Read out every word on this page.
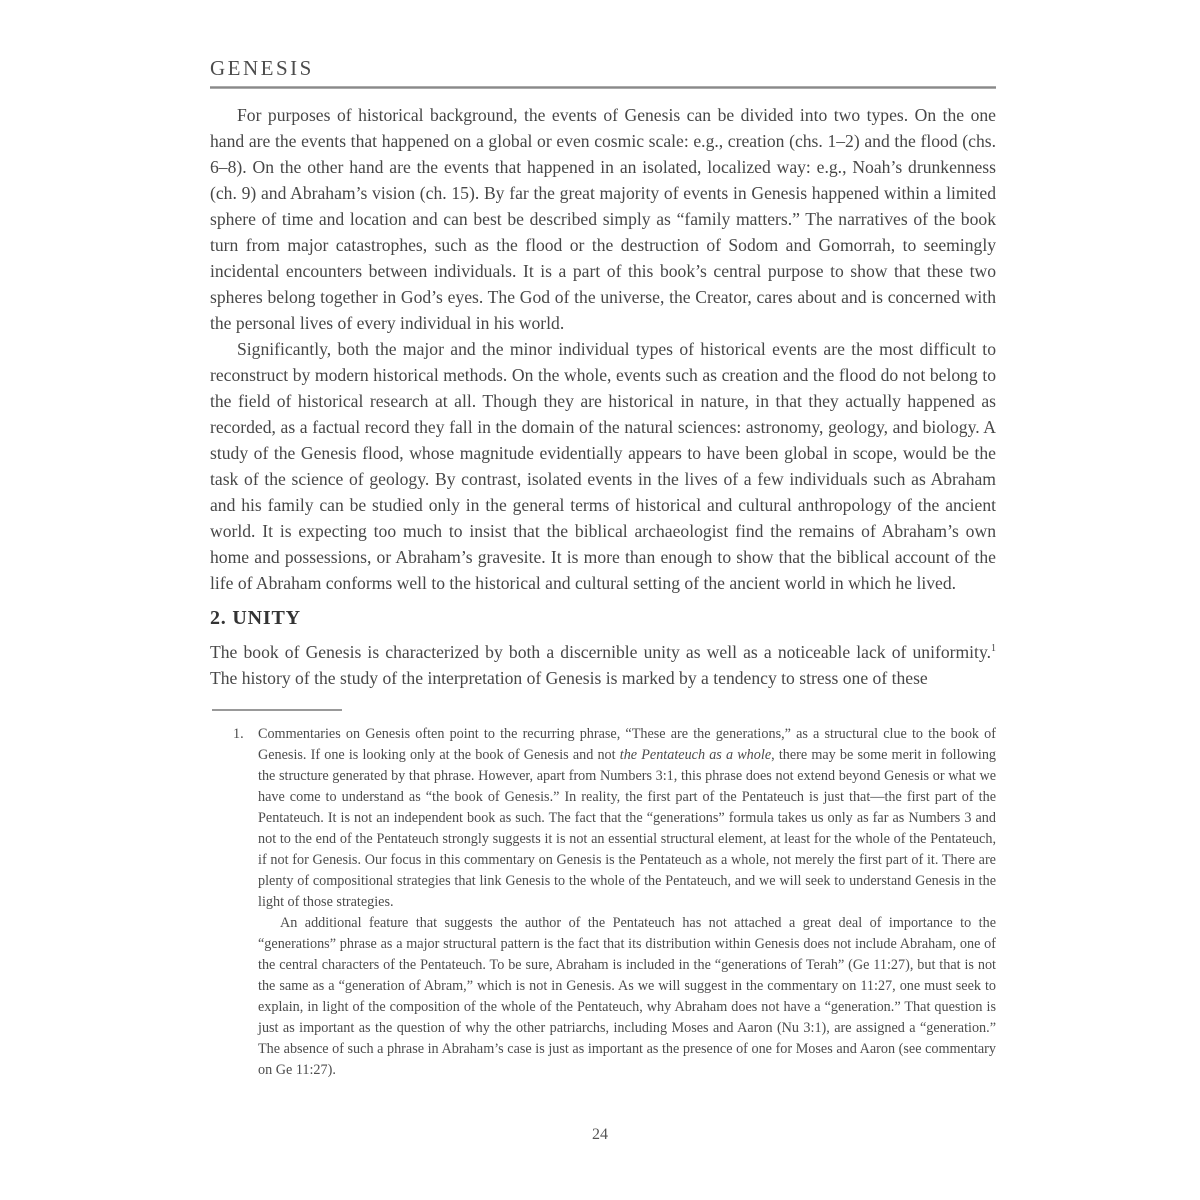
GENESIS

For purposes of historical background, the events of Genesis can be divided into two types. On the one hand are the events that happened on a global or even cosmic scale: e.g., creation (chs. 1–2) and the flood (chs. 6–8). On the other hand are the events that happened in an isolated, localized way: e.g., Noah’s drunkenness (ch. 9) and Abraham’s vision (ch. 15). By far the great majority of events in Genesis happened within a limited sphere of time and location and can best be described simply as “family matters.” The narratives of the book turn from major catastrophes, such as the flood or the destruction of Sodom and Gomorrah, to seemingly incidental encounters between individuals. It is a part of this book’s central purpose to show that these two spheres belong together in God’s eyes. The God of the universe, the Creator, cares about and is concerned with the personal lives of every individual in his world.

Significantly, both the major and the minor individual types of historical events are the most difficult to reconstruct by modern historical methods. On the whole, events such as creation and the flood do not belong to the field of historical research at all. Though they are historical in nature, in that they actually happened as recorded, as a factual record they fall in the domain of the natural sciences: astronomy, geology, and biology. A study of the Genesis flood, whose magnitude evidentially appears to have been global in scope, would be the task of the science of geology. By contrast, isolated events in the lives of a few individuals such as Abraham and his family can be studied only in the general terms of historical and cultural anthropology of the ancient world. It is expecting too much to insist that the biblical archaeologist find the remains of Abraham’s own home and possessions, or Abraham’s gravesite. It is more than enough to show that the biblical account of the life of Abraham conforms well to the historical and cultural setting of the ancient world in which he lived.

2. UNITY

The book of Genesis is characterized by both a discernible unity as well as a noticeable lack of uniformity.$^1$ The history of the study of the interpretation of Genesis is marked by a tendency to stress one of these

1.	Commentaries on Genesis often point to the recurring phrase, “These are the generations,” as a structural clue to the book of Genesis. If one is looking only at the book of Genesis and not the Pentateuch as a whole, there may be some merit in following the structure generated by that phrase. However, apart from Numbers 3:1, this phrase does not extend beyond Genesis or what we have come to understand as “the book of Genesis.” In reality, the first part of the Pentateuch is just that—the first part of the Pentateuch. It is not an independent book as such. The fact that the “generations” formula takes us only as far as Numbers 3 and not to the end of the Pentateuch strongly suggests it is not an essential structural element, at least for the whole of the Pentateuch, if not for Genesis. Our focus in this commentary on Genesis is the Pentateuch as a whole, not merely the first part of it. There are plenty of compositional strategies that link Genesis to the whole of the Pentateuch, and we will seek to understand Genesis in the light of those strategies.

An additional feature that suggests the author of the Pentateuch has not attached a great deal of importance to the “generations” phrase as a major structural pattern is the fact that its distribution within Genesis does not include Abraham, one of the central characters of the Pentateuch. To be sure, Abraham is included in the “generations of Terah” (Ge 11:27), but that is not the same as a “generation of Abram,” which is not in Genesis. As we will suggest in the commentary on 11:27, one must seek to explain, in light of the composition of the whole of the Pentateuch, why Abraham does not have a “generation.” That question is just as important as the question of why the other patriarchs, including Moses and Aaron (Nu 3:1), are assigned a “generation.” The absence of such a phrase in Abraham’s case is just as important as the presence of one for Moses and Aaron (see commentary on Ge 11:27).

24
